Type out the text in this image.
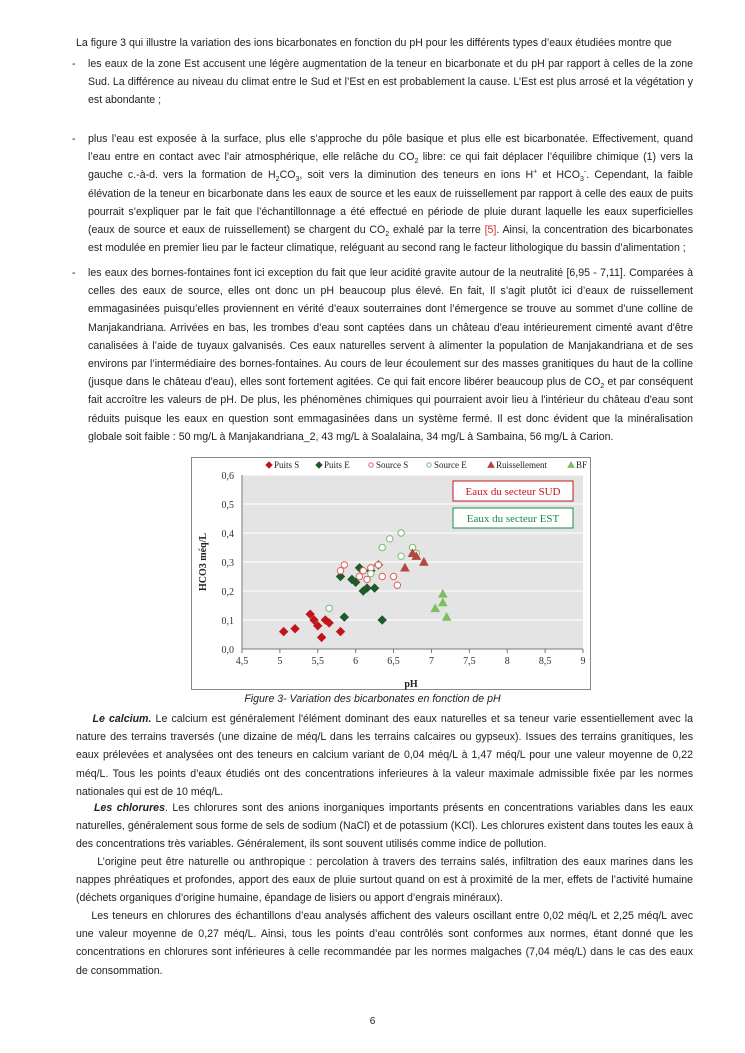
La figure 3 qui illustre la variation des ions bicarbonates en fonction du pH pour les différents types d’eaux étudiées montre que

- les eaux de la zone Est accusent une légère augmentation de la teneur en bicarbonate et du pH par rapport à celles de la zone Sud. La différence au niveau du climat entre le Sud et l’Est en est probablement la cause. L’Est est plus arrosé et la végétation y est abondante ;

- plus l’eau est exposée à la surface, plus elle s’approche du pôle basique et plus elle est bicarbonatée. Effectivement, quand l’eau entre en contact avec l’air atmosphérique, elle relâche du $CO_2$ libre: ce qui fait déplacer l’équilibre chimique (1) vers la gauche c.-à-d. vers la formation de $H_2CO_3$, soit vers la diminution des teneurs en ions H+ et $HCO_3^-$. Cependant, la faible élévation de la teneur en bicarbonate dans les eaux de source et les eaux de ruissellement par rapport à celle des eaux de puits pourrait s’expliquer par le fait que l’échantillonnage a été effectué en période de pluie durant laquelle les eaux superficielles (eaux de source et eaux de ruissellement) se chargent du $CO_2$ exhalé par la terre [5]. Ainsi, la concentration des bicarbonates est modulée en premier lieu par le facteur climatique, reléguant au second rang le facteur lithologique du bassin d’alimentation ;

- les eaux des bornes-fontaines font ici exception du fait que leur acidité gravite autour de la neutralité [6,95 - 7,11]. Comparées à celles des eaux de source, elles ont donc un pH beaucoup plus élevé. En fait, Il s’agit plutôt ici d’eaux de ruissellement emmagasinées puisqu’elles proviennent en vérité d’eaux souterraines dont l’émergence se trouve au sommet d’une colline de Manjakandriana. Arrivées en bas, les trombes d’eau sont captées dans un château d'eau intérieurement cimenté avant d'être canalisées à l’aide de tuyaux galvanisés. Ces eaux naturelles servent à alimenter la population de Manjakandriana et de ses environs par l’intermédiaire des bornes-fontaines. Au cours de leur écoulement sur des masses granitiques du haut de la colline (jusque dans le château d'eau), elles sont fortement agitées. Ce qui fait encore libérer beaucoup plus de $CO_2$ et par conséquent fait accroître les valeurs de pH. De plus, les phénomènes chimiques qui pourraient avoir lieu à l'intérieur du château d'eau sont réduits puisque les eaux en question sont emmagasinées dans un système fermé. Il est donc évident que la minéralisation globale soit faible : 50 mg/L à Manjakandriana_2, 43 mg/L à Soalalaina, 34 mg/L à Sambaina, 56 mg/L à Carion.

0,0
0,1
0,2
0,3
0,4
0,5
0,6
4,5	5	5,5	6	6,5	7	7,5	8	8,5	9
Puits S	Puits E	Source S	Source E	Ruissellement	BF
Eaux du secteur SUD
Eaux du secteur EST
pH
HCO3 méq/L
Figure 3- Variation des bicarbonates en fonction de pH

Le calcium. Le calcium est généralement l'élément dominant des eaux naturelles et sa teneur varie essentiellement avec la nature des terrains traversés (une dizaine de méq/L dans les terrains calcaires ou gypseux). Issues des terrains granitiques, les eaux prélevées et analysées ont des teneurs en calcium variant de 0,04 méq/L à 1,47 méq/L pour une valeur moyenne de 0,22 méq/L. Tous les points d’eaux étudiés ont des concentrations inferieures à la valeur maximale admissible fixée par les normes nationales qui est de 10 méq/L.

Les chlorures. Les chlorures sont des anions inorganiques importants présents en concentrations variables dans les eaux naturelles, généralement sous forme de sels de sodium (NaCl) et de potassium (KCl). Les chlorures existent dans toutes les eaux à des concentrations très variables. Généralement, ils sont souvent utilisés comme indice de pollution.

L’origine peut être naturelle ou anthropique : percolation à travers des terrains salés, infiltration des eaux marines dans les nappes phréatiques et profondes, apport des eaux de pluie surtout quand on est à proximité de la mer, effets de l’activité humaine (déchets organiques d’origine humaine, épandage de lisiers ou apport d’engrais minéraux).

Les teneurs en chlorures des échantillons d’eau analysés affichent des valeurs oscillant entre 0,02 méq/L et 2,25 méq/L avec une valeur moyenne de 0,27 méq/L. Ainsi, tous les points d’eau contrôlés sont conformes aux normes, étant donné que les concentrations en chlorures sont inférieures à celle recommandée par les normes malgaches (7,04 méq/L) dans le cas des eaux de consommation.

6
